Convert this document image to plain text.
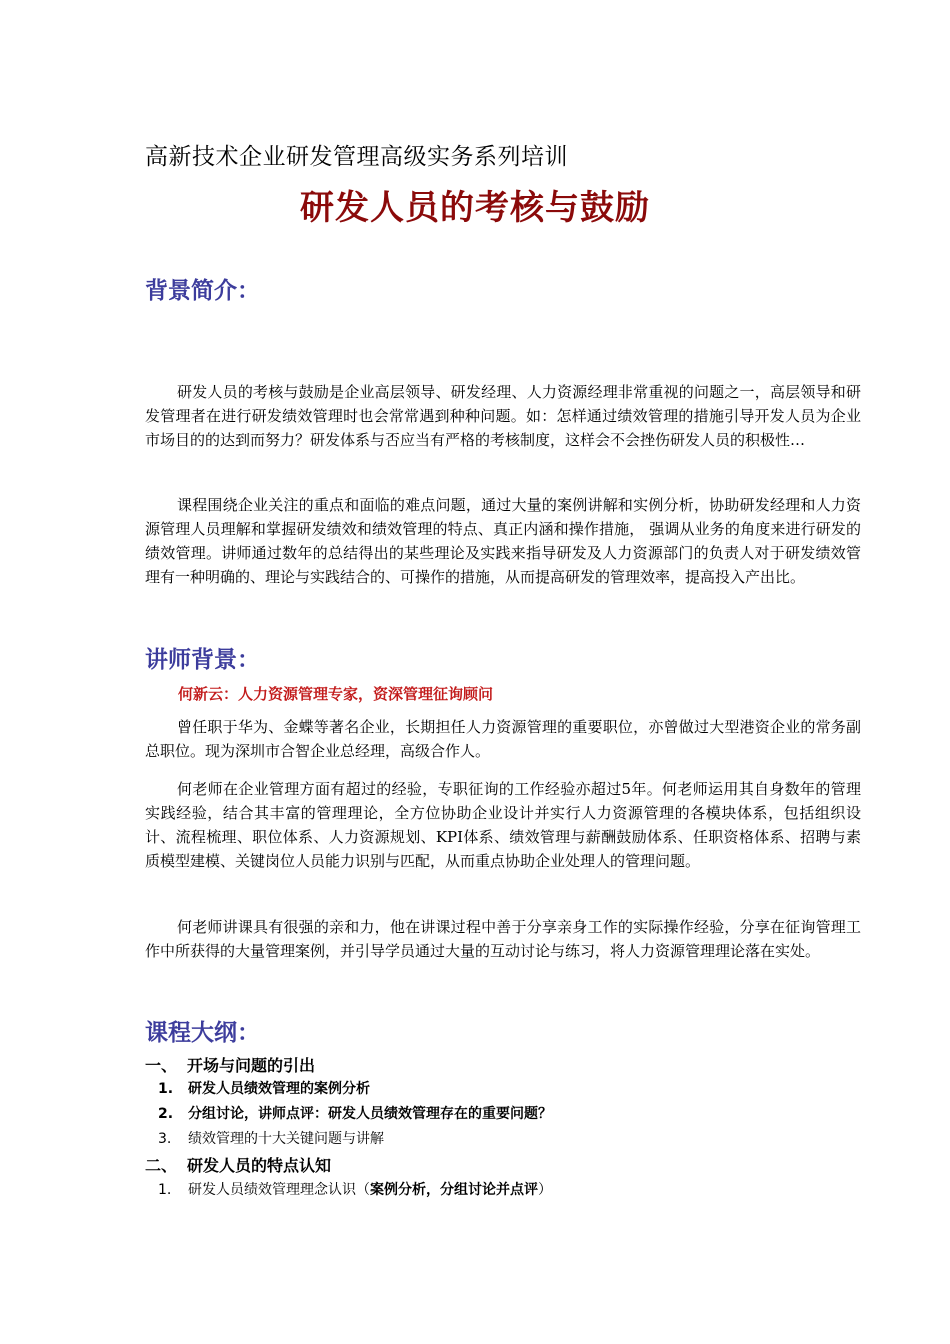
高新技术企业研发管理高级实务系列培训
研发人员的考核与鼓励
背景简介：

研发人员的考核与鼓励是企业高层领导、研发经理、人力资源经理非常重视的问题之一，高层领导和研发管理者在进行研发绩效管理时也会常常遇到种种问题。如：怎样通过绩效管理的措施引导开发人员为企业市场目的的达到而努力？研发体系与否应当有严格的考核制度，这样会不会挫伤研发人员的积极性…

课程围绕企业关注的重点和面临的难点问题，通过大量的案例讲解和实例分析，协助研发经理和人力资源管理人员理解和掌握研发绩效和绩效管理的特点、真正内涵和操作措施， 强调从业务的角度来进行研发的绩效管理。讲师通过数年的总结得出的某些理论及实践来指导研发及人力资源部门的负责人对于研发绩效管理有一种明确的、理论与实践结合的、可操作的措施，从而提高研发的管理效率，提高投入产出比。

讲师背景：
何新云：人力资源管理专家，资深管理征询顾问

曾任职于华为、金蝶等著名企业，长期担任人力资源管理的重要职位，亦曾做过大型港资企业的常务副总职位。现为深圳市合智企业总经理，高级合作人。

何老师在企业管理方面有超过的经验，专职征询的工作经验亦超过5年。何老师运用其自身数年的管理实践经验，结合其丰富的管理理论，全方位协助企业设计并实行人力资源管理的各模块体系，包括组织设计、流程梳理、职位体系、人力资源规划、KPI体系、绩效管理与薪酬鼓励体系、任职资格体系、招聘与素质模型建模、关键岗位人员能力识别与匹配，从而重点协助企业处理人的管理问题。

何老师讲课具有很强的亲和力，他在讲课过程中善于分享亲身工作的实际操作经验，分享在征询管理工作中所获得的大量管理案例，并引导学员通过大量的互动讨论与练习，将人力资源管理理论落在实处。

课程大纲：
一、 开场与问题的引出
1. 研发人员绩效管理的案例分析
2. 分组讨论，讲师点评：研发人员绩效管理存在的重要问题？
3. 绩效管理的十大关键问题与讲解
二、 研发人员的特点认知
1. 研发人员绩效管理理念认识（案例分析，分组讨论并点评）
